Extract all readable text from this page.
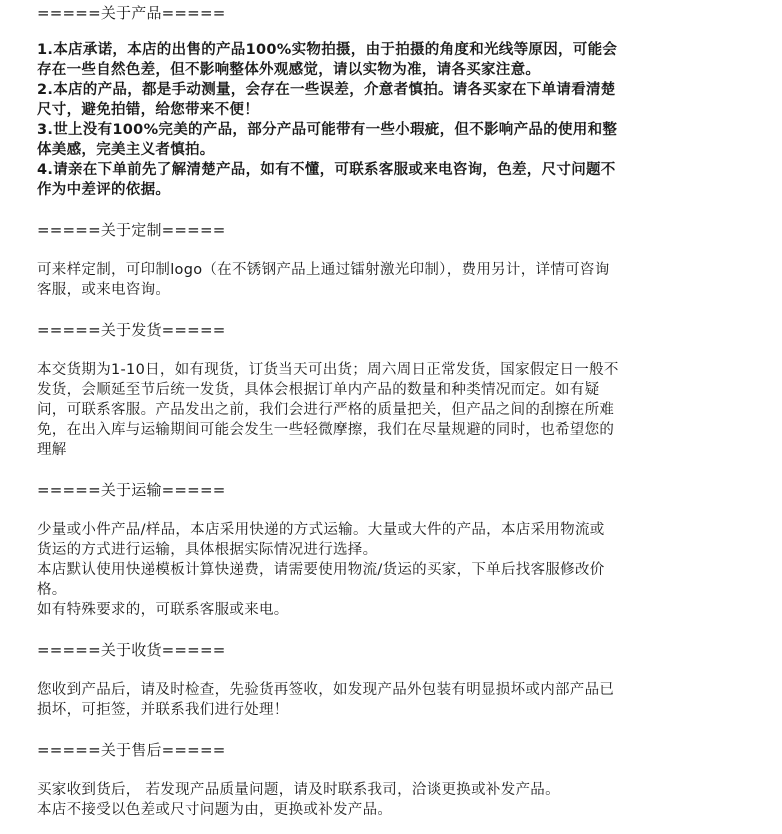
=====关于产品=====
1.本店承诺，本店的出售的产品100%实物拍摄，由于拍摄的角度和光线等原因，可能会
存在一些自然色差，但不影响整体外观感觉，请以实物为准，请各买家注意。
2.本店的产品，都是手动测量，会存在一些误差，介意者慎拍。请各买家在下单请看清楚
尺寸，避免拍错，给您带来不便！
3.世上没有100%完美的产品，部分产品可能带有一些小瑕疵，但不影响产品的使用和整
体美感，完美主义者慎拍。
4.请亲在下单前先了解清楚产品，如有不懂，可联系客服或来电咨询，色差，尺寸问题不
作为中差评的依据。
=====关于定制=====
可来样定制，可印制logo（在不锈钢产品上通过镭射激光印制），费用另计，详情可咨询
客服，或来电咨询。
=====关于发货=====
本交货期为1-10日，如有现货，订货当天可出货；周六周日正常发货，国家假定日一般不
发货，会顺延至节后统一发货，具体会根据订单内产品的数量和种类情况而定。如有疑
问，可联系客服。产品发出之前，我们会进行严格的质量把关，但产品之间的刮擦在所难
免，在出入库与运输期间可能会发生一些轻微摩擦，我们在尽量规避的同时，也希望您的
理解
=====关于运输=====
少量或小件产品/样品，本店采用快递的方式运输。大量或大件的产品，本店采用物流或
货运的方式进行运输，具体根据实际情况进行选择。
本店默认使用快递模板计算快递费，请需要使用物流/货运的买家，下单后找客服修改价
格。
如有特殊要求的，可联系客服或来电。
=====关于收货=====
您收到产品后，请及时检查，先验货再签收，如发现产品外包装有明显损坏或内部产品已
损坏，可拒签，并联系我们进行处理！
=====关于售后=====
买家收到货后， 若发现产品质量问题，请及时联系我司，洽谈更换或补发产品。
本店不接受以色差或尺寸问题为由，更换或补发产品。
